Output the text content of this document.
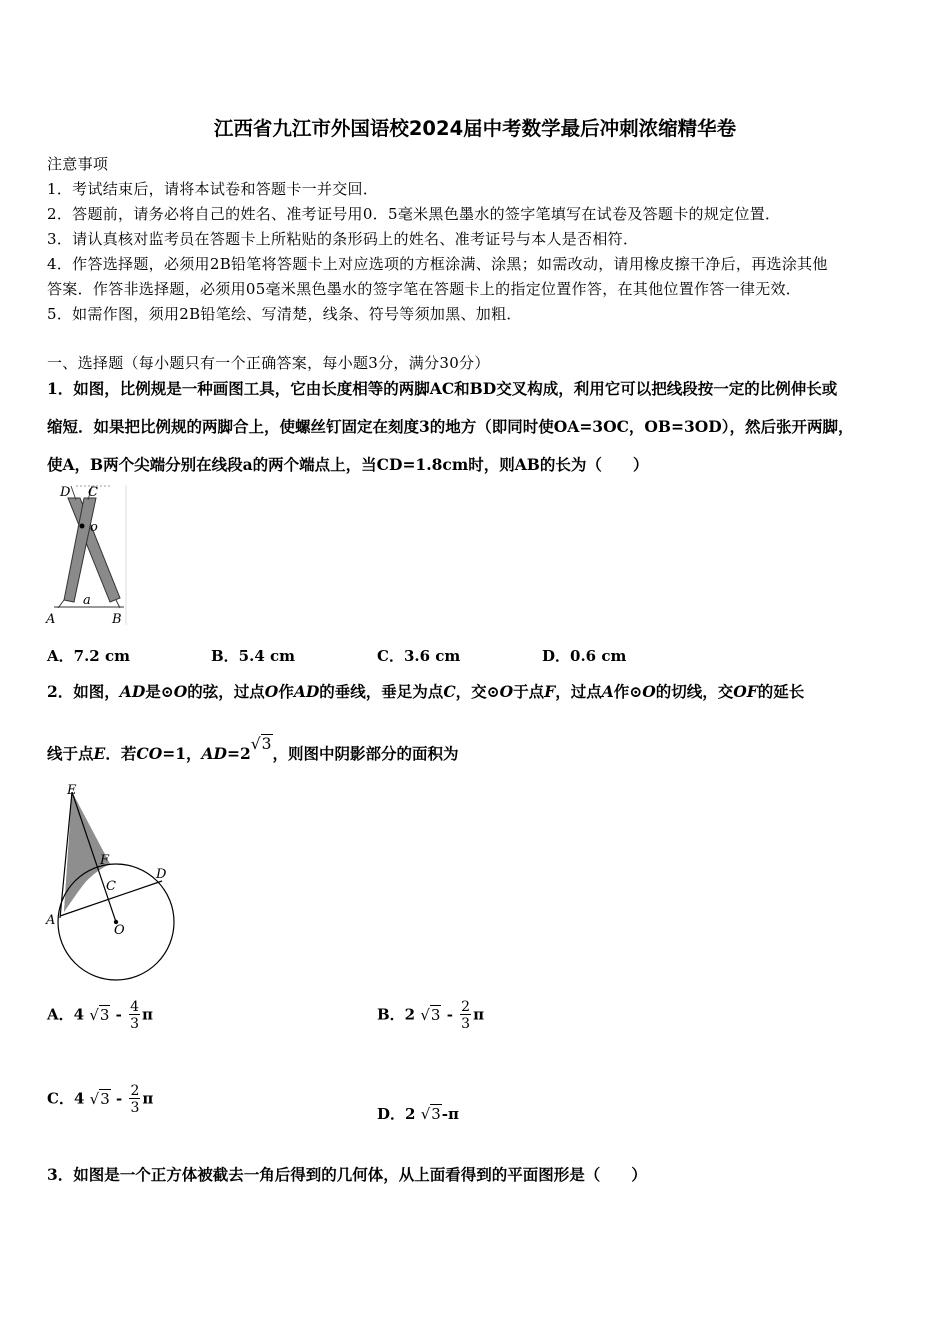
江西省九江市外国语校2024届中考数学最后冲刺浓缩精华卷
注意事项
1．考试结束后，请将本试卷和答题卡一并交回．
2．答题前，请务必将自己的姓名、准考证号用0．5毫米黑色墨水的签字笔填写在试卷及答题卡的规定位置．
3．请认真核对监考员在答题卡上所粘贴的条形码上的姓名、准考证号与本人是否相符．
4．作答选择题，必须用2B铅笔将答题卡上对应选项的方框涂满、涂黑；如需改动，请用橡皮擦干净后，再选涂其他
答案．作答非选择题，必须用05毫米黑色墨水的签字笔在答题卡上的指定位置作答，在其他位置作答一律无效．
5．如需作图，须用2B铅笔绘、写清楚，线条、符号等须加黑、加粗．
一、选择题（每小题只有一个正确答案，每小题3分，满分30分）
1．如图，比例规是一种画图工具，它由长度相等的两脚AC和BD交叉构成，利用它可以把线段按一定的比例伸长或
缩短．如果把比例规的两脚合上，使螺丝钉固定在刻度3的地方（即同时使OA=3OC，OB=3OD），然后张开两脚，
使A，B两个尖端分别在线段a的两个端点上，当CD=1.8cm时，则AB的长为（　　）
D C
o
a
A	B
A．7.2 cm	B．5.4 cm	C．3.6 cm	D．0.6 cm
2．如图，AD是⊙O的弦，过点O作AD的垂线，垂足为点C，交⊙O于点F，过点A作⊙O的切线，交OF的延长
线于点E．若CO=1，AD=2√3，则图中阴影部分的面积为
E
F
C
D
A
O
A．4 $√3 - \frac{4}{3}$ π	B．2 $√3 - \frac{2}{3}$ π
C．4 $√3 - \frac{2}{3}$ π
D．2 √3-π
3．如图是一个正方体被截去一角后得到的几何体，从上面看得到的平面图形是（　　）
